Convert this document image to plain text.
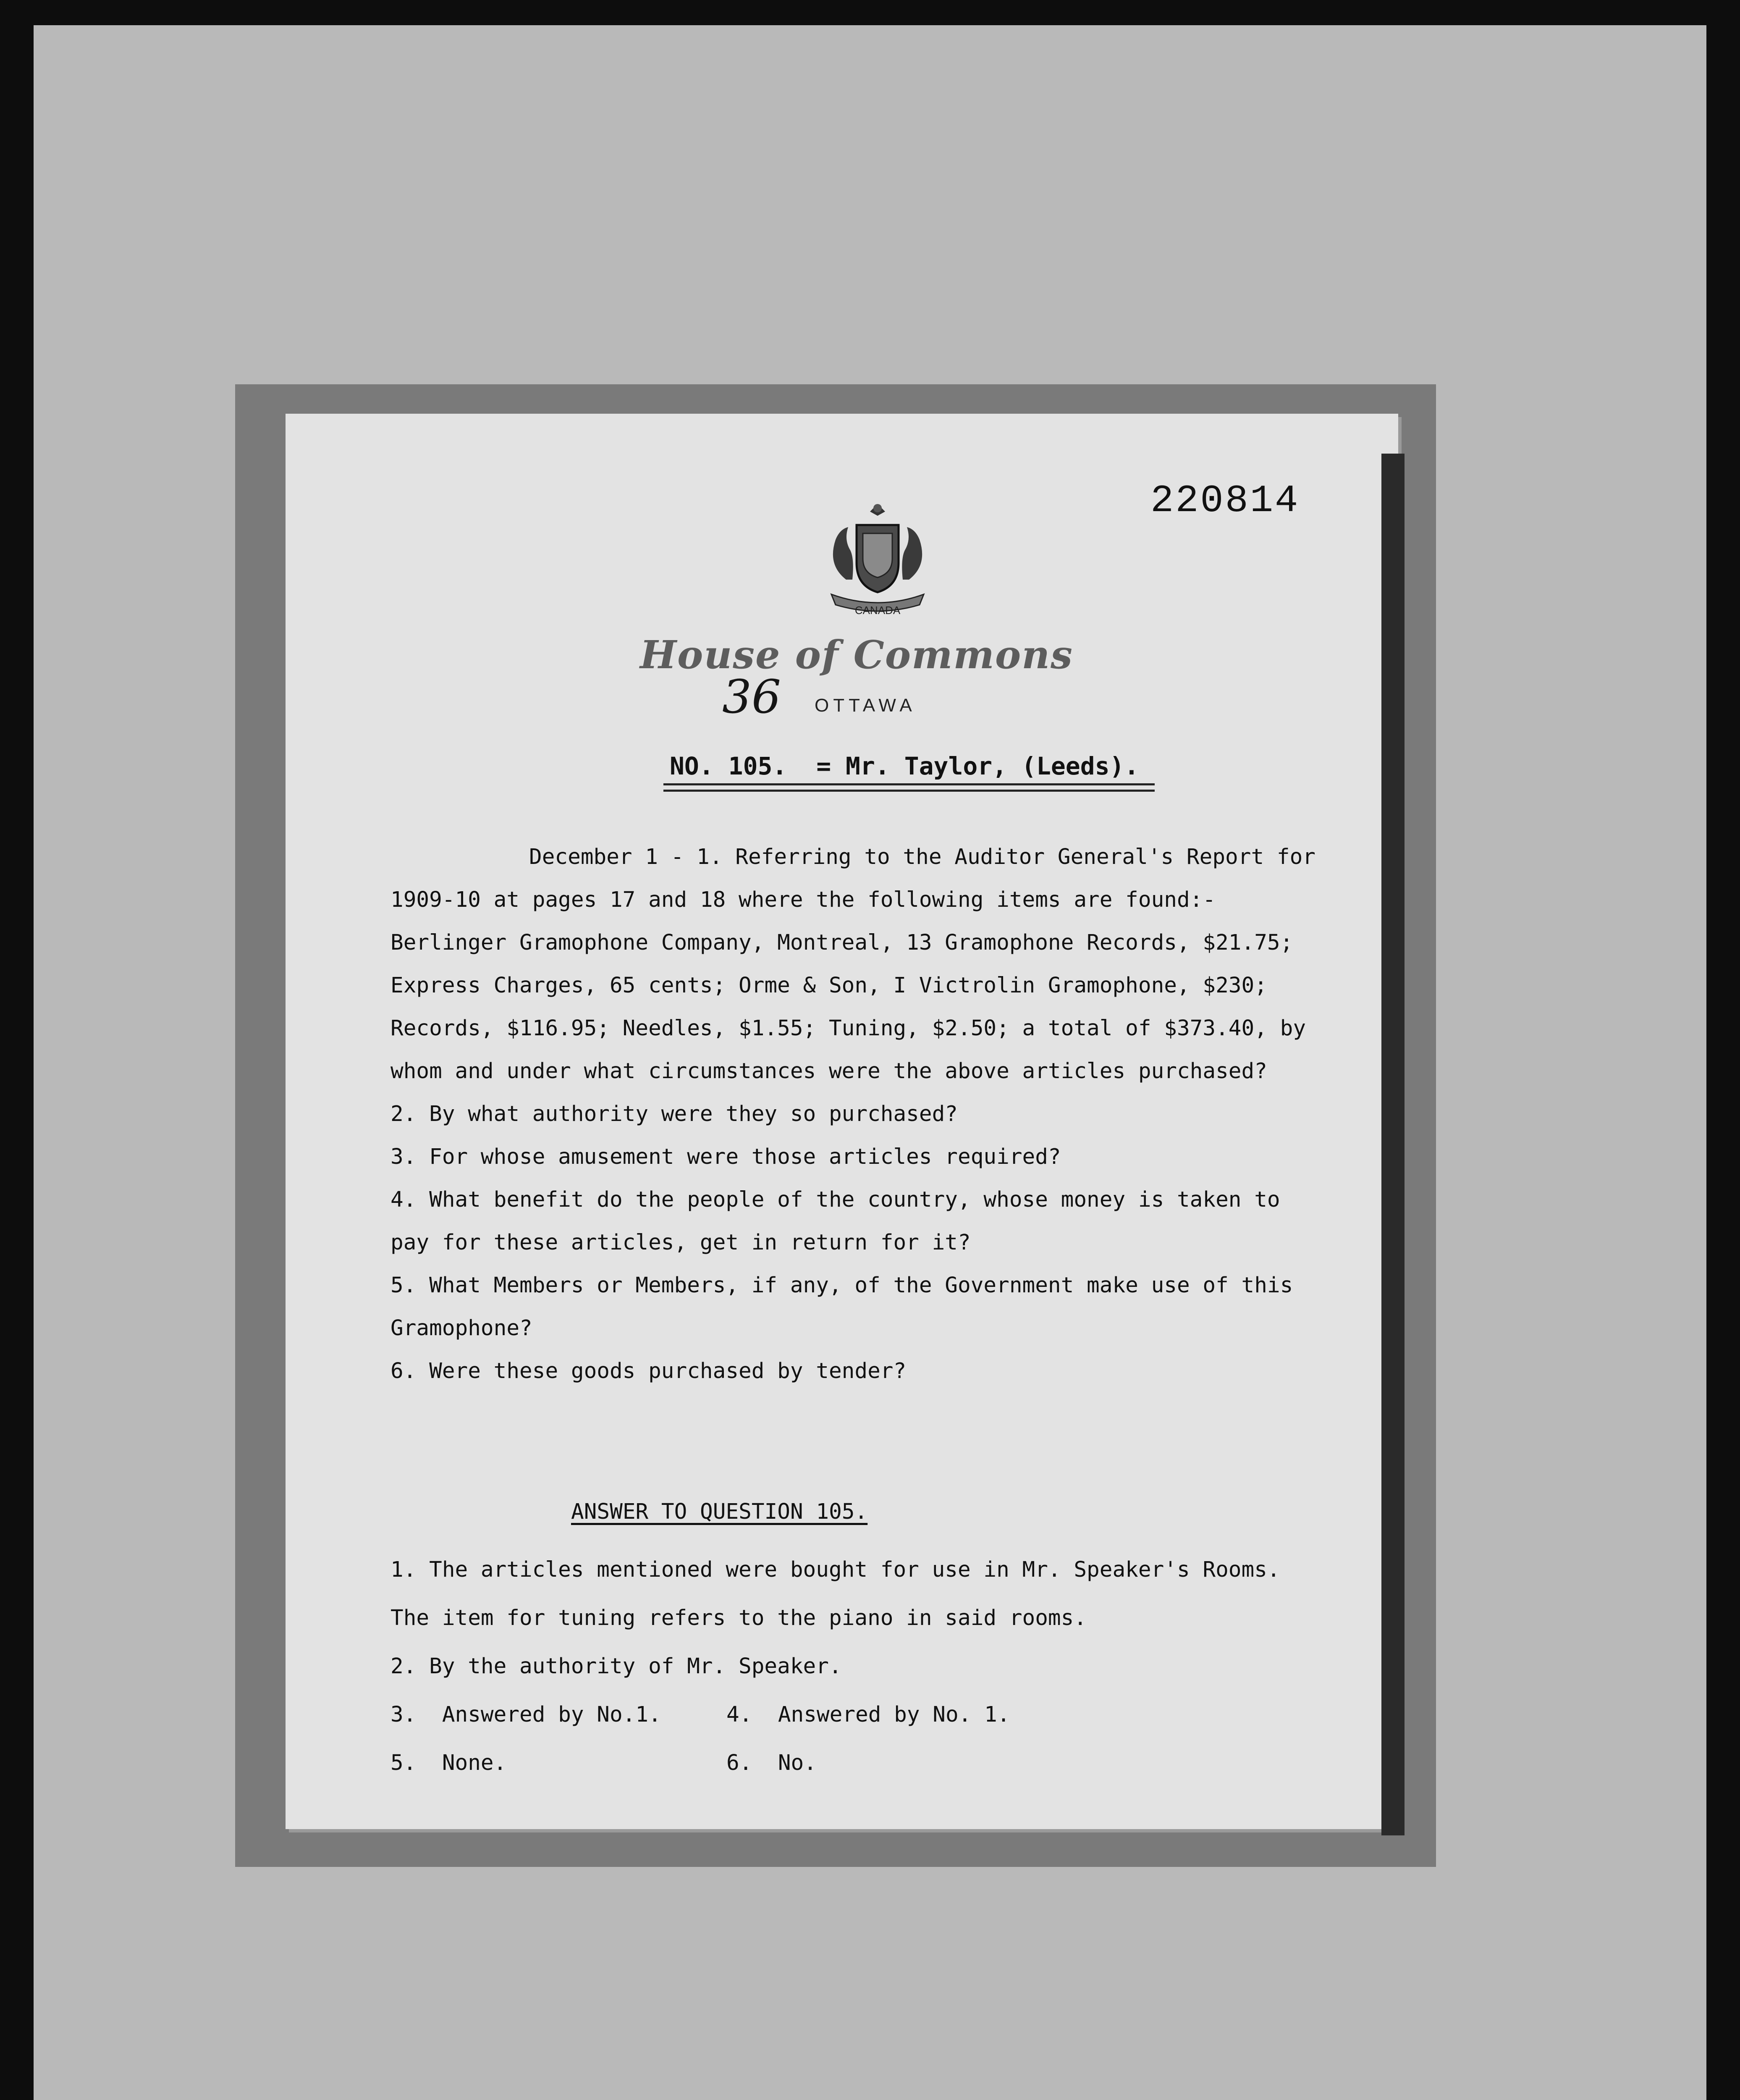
220814
CANADA
House of Commons
OTTAWA
36
NO. 105.  = Mr. Taylor, (Leeds).

December 1 - 1. Referring to the Auditor General's Report for 1909-10 at pages 17 and 18 where the following items are found:- Berlinger Gramophone Company, Montreal, 13 Gramophone Records, $21.75; Express Charges, 65 cents; Orme & Son, I Victrolin Gramophone, $230; Records, $116.95; Needles, $1.55; Tuning, $2.50; a total of $373.40, by whom and under what circumstances were the above articles purchased?

2. By what authority were they so purchased?

3. For whose amusement were those articles required?

4. What benefit do the people of the country, whose money is taken to pay for these articles, get in return for it?

5. What Members or Members, if any, of the Government make use of this Gramophone?

6. Were these goods purchased by tender?

ANSWER TO QUESTION 105.

1. The articles mentioned were bought for use in Mr. Speaker's Rooms. The item for tuning refers to the piano in said rooms.

2. By the authority of Mr. Speaker.

3.  Answered by No.1.	4.  Answered by No. 1.
5.  None.	6.  No.
